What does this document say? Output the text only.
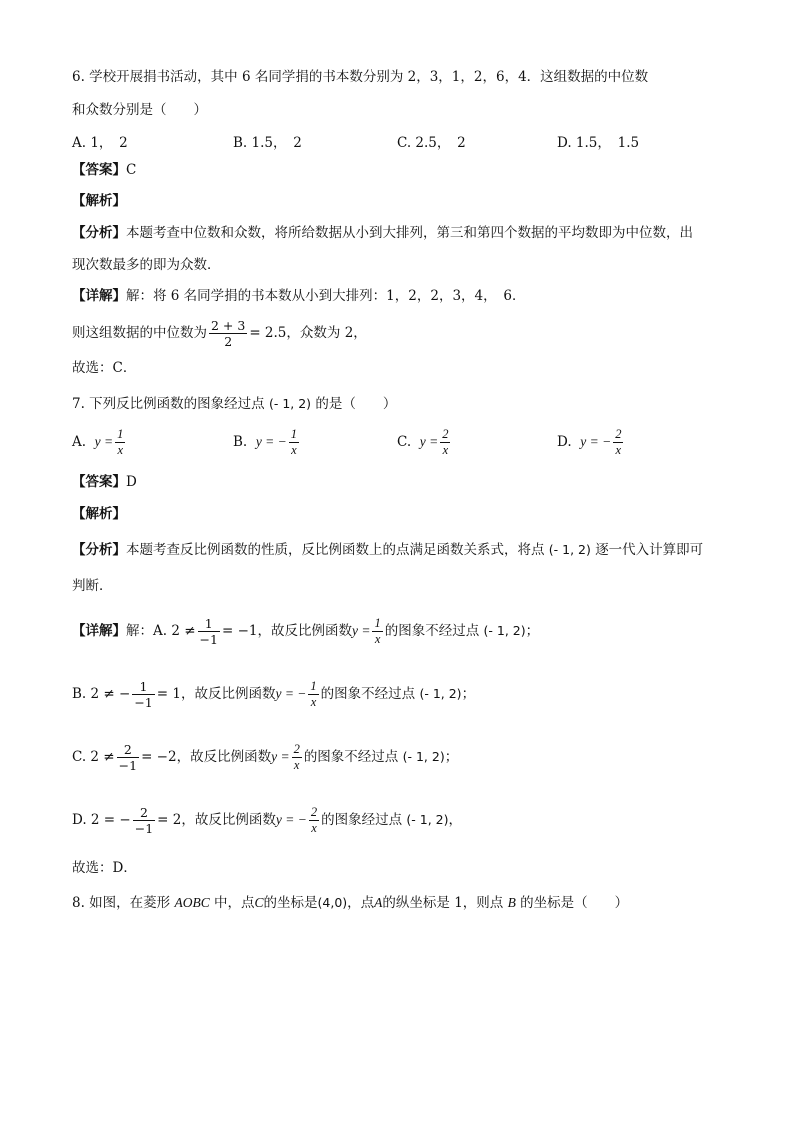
6. 学校开展捐书活动，其中 6 名同学捐的书本数分别为 2，3，1，2，6，4．这组数据的中位数
和众数分别是（　　）
A. 1，　2	B. 1.5，　2	C. 2.5，　2	D. 1.5，　1.5
【答案】C
【解析】
【分析】本题考查中位数和众数，将所给数据从小到大排列，第三和第四个数据的平均数即为中位数，出
现次数最多的即为众数．
【详解】解：将 6 名同学捐的书本数从小到大排列：1，2，2，3，4，　6．
则这组数据的中位数为 $\frac{2 + 3}{2} = 2.5$，众数为 2，
故选：C．
7. 下列反比例函数的图象经过点 (- 1, 2) 的是（　　）
A. $y = \frac{1}{x}$	B. y = − $\frac{1}{x}$	C. $y = \frac{2}{x}$	D. y = − $\frac{2}{x}$
【答案】D
【解析】
【分析】本题考查反比例函数的性质，反比例函数上的点满足函数关系式，将点 (- 1, 2) 逐一代入计算即可
判断．
【详解】解：A. $2 \ne \frac{1}{-1} = -1$，故反比例函数$y = \frac{1}{x}$ 的图象不经过点 (- 1, 2)；
B. 2 ≠ − $\frac{1}{-1} = 1$，故反比例函数y = − $\frac{1}{x}$ 的图象不经过点 (- 1, 2)；
C. $2 \ne \frac{2}{-1} = -2$，故反比例函数$y = \frac{2}{x}$ 的图象不经过点 (- 1, 2)；
D. 2 = − $\frac{2}{-1} = 2$，故反比例函数y = − $\frac{2}{x}$ 的图象经过点 (- 1, 2)，
故选：D．
8. 如图，在菱形 AOBC 中，点C的坐标是(4,0)，点A的纵坐标是 1，则点 B 的坐标是（　　）
